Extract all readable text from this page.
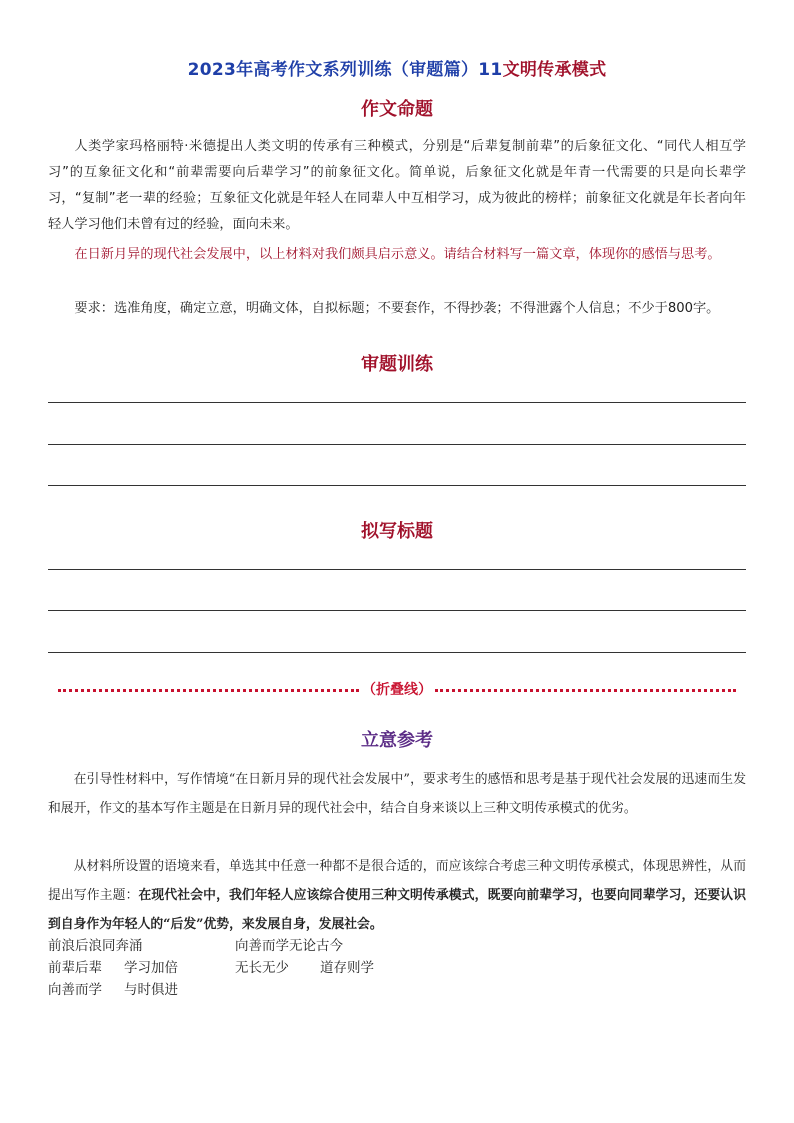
2023年高考作文系列训练（审题篇）11文明传承模式
作文命题

人类学家玛格丽特·米德提出人类文明的传承有三种模式，分别是“后辈复制前辈”的后象征文化、“同代人相互学习”的互象征文化和“前辈需要向后辈学习”的前象征文化。简单说，后象征文化就是年青一代需要的只是向长辈学习，“复制”老一辈的经验；互象征文化就是年轻人在同辈人中互相学习，成为彼此的榜样；前象征文化就是年长者向年轻人学习他们未曾有过的经验，面向未来。

在日新月异的现代社会发展中，以上材料对我们颇具启示意义。请结合材料写一篇文章，体现你的感悟与思考。

要求：选准角度，确定立意，明确文体，自拟标题；不要套作，不得抄袭；不得泄露个人信息；不少于800字。

审题训练
拟写标题
（折叠线）
立意参考

在引导性材料中，写作情境“在日新月异的现代社会发展中”，要求考生的感悟和思考是基于现代社会发展的迅速而生发和展开，作文的基本写作主题是在日新月异的现代社会中，结合自身来谈以上三种文明传承模式的优劣。

从材料所设置的语境来看，单选其中任意一种都不是很合适的，而应该综合考虑三种文明传承模式，体现思辨性，从而提出写作主题：在现代社会中，我们年轻人应该综合使用三种文明传承模式，既要向前辈学习，也要向同辈学习，还要认识到自身作为年轻人的“后发”优势，来发展自身，发展社会。

前浪后浪同奔涌	向善而学无论古今
前辈后辈 学习加倍	无长无少 道存则学
向善而学 与时俱进
